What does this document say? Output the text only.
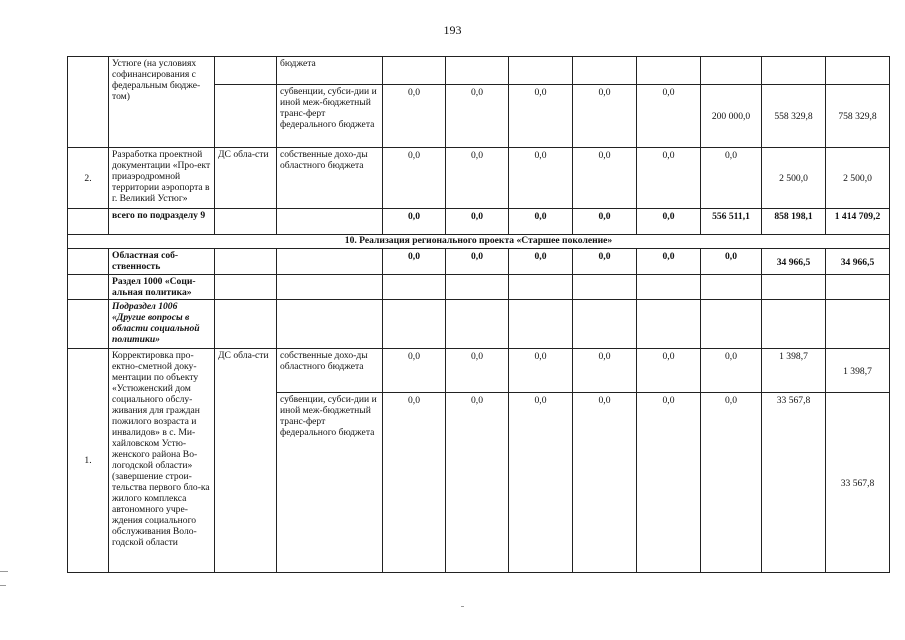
193
	Устюге (на условиях софинансирования с федеральным бюдже-том)		бюджета								
			субвенции, субси-дии и иной меж-бюджетный транс-ферт федерального бюджета	0,0	0,0	0,0	0,0	0,0	200 000,0	558 329,8	758 329,8
2.	Разработка проектной документации «Про-ект приаэродромной территории аэропорта в г. Великий Устюг»	ДС обла-сти	собственные дохо-ды областного бюджета	0,0	0,0	0,0	0,0	0,0	0,0	2 500,0	2 500,0
	всего по подразделу 9			0,0	0,0	0,0	0,0	0,0	556 511,1	858 198,1	1 414 709,2
10. Реализация регионального проекта «Старшее поколение»											
	Областная соб-ственность			0,0	0,0	0,0	0,0	0,0	0,0	34 966,5	34 966,5
	Раздел 1000 «Соци-альная политика»										
	Подраздел 1006 «Другие вопросы в области социальной политики»										
1.	Корректировка про-ектно-сметной доку-ментации по объекту «Устюженский дом социального обслу-живания для граждан пожилого возраста и инвалидов» в с. Ми-хайловском Устю-женского района Во-логодской области» (завершение строи-тельства первого бло-ка жилого комплекса автономного учре-ждения социального обслуживания Воло-годской области	ДС обла-сти	собственные дохо-ды областного бюджета	0,0	0,0	0,0	0,0	0,0	0,0	1 398,7	1 398,7
			субвенции, субси-дии и иной меж-бюджетный транс-ферт федерального бюджета	0,0	0,0	0,0	0,0	0,0	0,0	33 567,8	33 567,8
